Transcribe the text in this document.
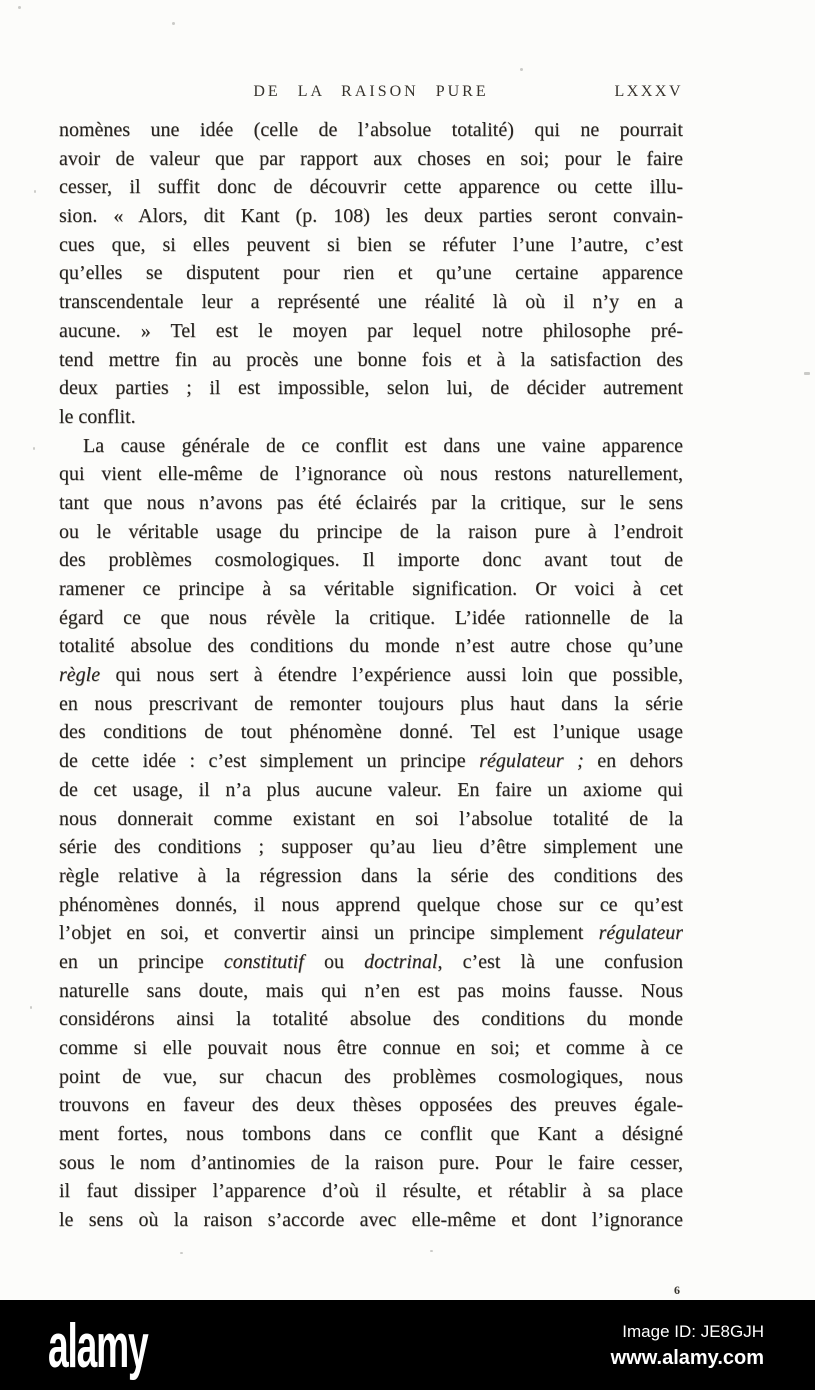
DE LA RAISON PURE	LXXXV
nomènes une idée (celle de l’absolue totalité) qui ne pourrait
avoir de valeur que par rapport aux choses en soi; pour le faire
cesser, il suffit donc de découvrir cette apparence ou cette illu-
sion. « Alors, dit Kant (p. 108) les deux parties seront convain-
cues que, si elles peuvent si bien se réfuter l’une l’autre, c’est
qu’elles se disputent pour rien et qu’une certaine apparence
transcendentale leur a représenté une réalité là où il n’y en a
aucune. » Tel est le moyen par lequel notre philosophe pré-
tend mettre fin au procès une bonne fois et à la satisfaction des
deux parties ; il est impossible, selon lui, de décider autrement
le conflit.
La cause générale de ce conflit est dans une vaine apparence
qui vient elle-même de l’ignorance où nous restons naturellement,
tant que nous n’avons pas été éclairés par la critique, sur le sens
ou le véritable usage du principe de la raison pure à l’endroit
des problèmes cosmologiques. Il importe donc avant tout de
ramener ce principe à sa véritable signification. Or voici à cet
égard ce que nous révèle la critique. L’idée rationnelle de la
totalité absolue des conditions du monde n’est autre chose qu’une
règle qui nous sert à étendre l’expérience aussi loin que possible,
en nous prescrivant de remonter toujours plus haut dans la série
des conditions de tout phénomène donné. Tel est l’unique usage
de cette idée : c’est simplement un principe régulateur ; en dehors
de cet usage, il n’a plus aucune valeur. En faire un axiome qui
nous donnerait comme existant en soi l’absolue totalité de la
série des conditions ; supposer qu’au lieu d’être simplement une
règle relative à la régression dans la série des conditions des
phénomènes donnés, il nous apprend quelque chose sur ce qu’est
l’objet en soi, et convertir ainsi un principe simplement régulateur
en un principe constitutif ou doctrinal, c’est là une confusion
naturelle sans doute, mais qui n’en est pas moins fausse. Nous
considérons ainsi la totalité absolue des conditions du monde
comme si elle pouvait nous être connue en soi; et comme à ce
point de vue, sur chacun des problèmes cosmologiques, nous
trouvons en faveur des deux thèses opposées des preuves égale-
ment fortes, nous tombons dans ce conflit que Kant a désigné
sous le nom d’antinomies de la raison pure. Pour le faire cesser,
il faut dissiper l’apparence d’où il résulte, et rétablir à sa place
le sens où la raison s’accorde avec elle-même et dont l’ignorance
6
alamy	Image ID: JE8GJH
www.alamy.com
